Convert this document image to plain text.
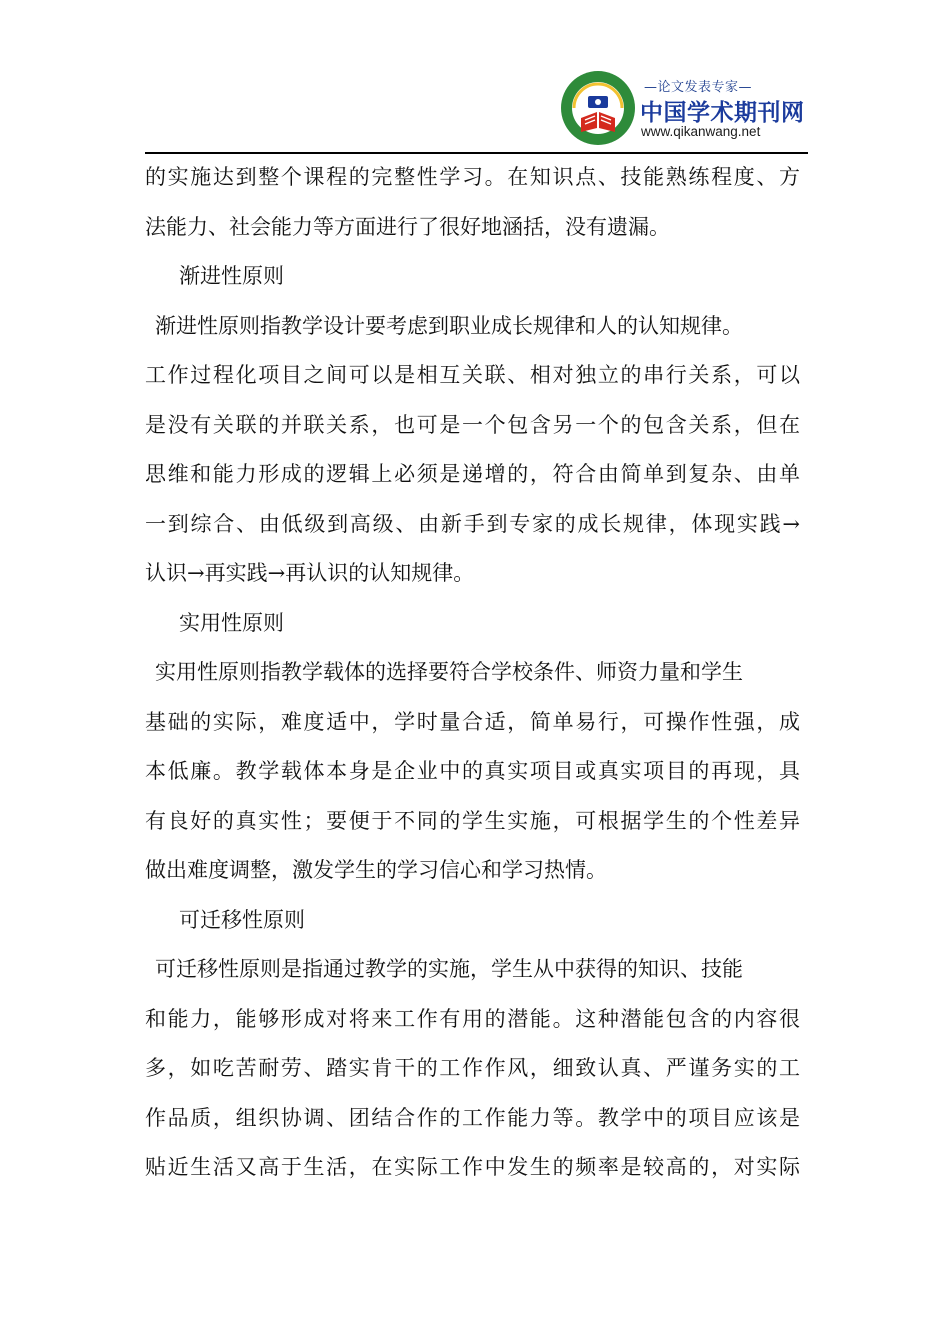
—论文发表专家—
中国学术期刊网
www.qikanwang.net
的实施达到整个课程的完整性学习。在知识点、技能熟练程度、方
法能力、社会能力等方面进行了很好地涵括，没有遗漏。
渐进性原则
渐进性原则指教学设计要考虑到职业成长规律和人的认知规律。
工作过程化项目之间可以是相互关联、相对独立的串行关系，可以
是没有关联的并联关系，也可是一个包含另一个的包含关系，但在
思维和能力形成的逻辑上必须是递增的，符合由简单到复杂、由单
一到综合、由低级到高级、由新手到专家的成长规律，体现实践→
认识→再实践→再认识的认知规律。
实用性原则
实用性原则指教学载体的选择要符合学校条件、师资力量和学生
基础的实际，难度适中，学时量合适，简单易行，可操作性强，成
本低廉。教学载体本身是企业中的真实项目或真实项目的再现，具
有良好的真实性；要便于不同的学生实施，可根据学生的个性差异
做出难度调整，激发学生的学习信心和学习热情。
可迁移性原则
可迁移性原则是指通过教学的实施，学生从中获得的知识、技能
和能力，能够形成对将来工作有用的潜能。这种潜能包含的内容很
多，如吃苦耐劳、踏实肯干的工作作风，细致认真、严谨务实的工
作品质，组织协调、团结合作的工作能力等。教学中的项目应该是
贴近生活又高于生活，在实际工作中发生的频率是较高的，对实际
